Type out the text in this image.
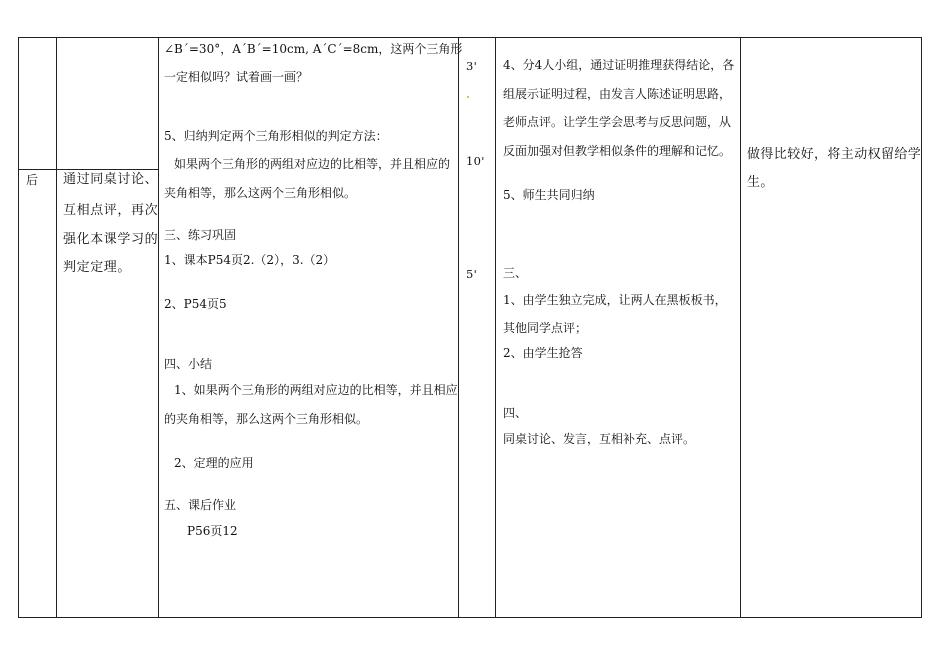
后 通过同桌讨论、
互相点评，再次
强化本课学习的
判定定理。
∠B´=30°，A´B´=10cm, A´C´=8cm，这两个三角形
一定相似吗？试着画一画？
5、归纳判定两个三角形相似的判定方法：
如果两个三角形的两组对应边的比相等，并且相应的
夹角相等，那么这两个三角形相似。
三、练习巩固
1、课本P54页2.（2），3.（2）
2、P54页5
四、小结
1、如果两个三角形的两组对应边的比相等，并且相应
的夹角相等，那么这两个三角形相似。
2、定理的应用
五、课后作业
P56页12
3'
10'
5'
4、分4人小组，通过证明推理获得结论，各
组展示证明过程，由发言人陈述证明思路，
老师点评。让学生学会思考与反思问题，从
反面加强对但教学相似条件的理解和记忆。
5、师生共同归纳
三、
1、由学生独立完成，让两人在黑板板书，
其他同学点评；
2、由学生抢答
四、
同桌讨论、发言，互相补充、点评。
做得比较好，将主动权留给学
生。
